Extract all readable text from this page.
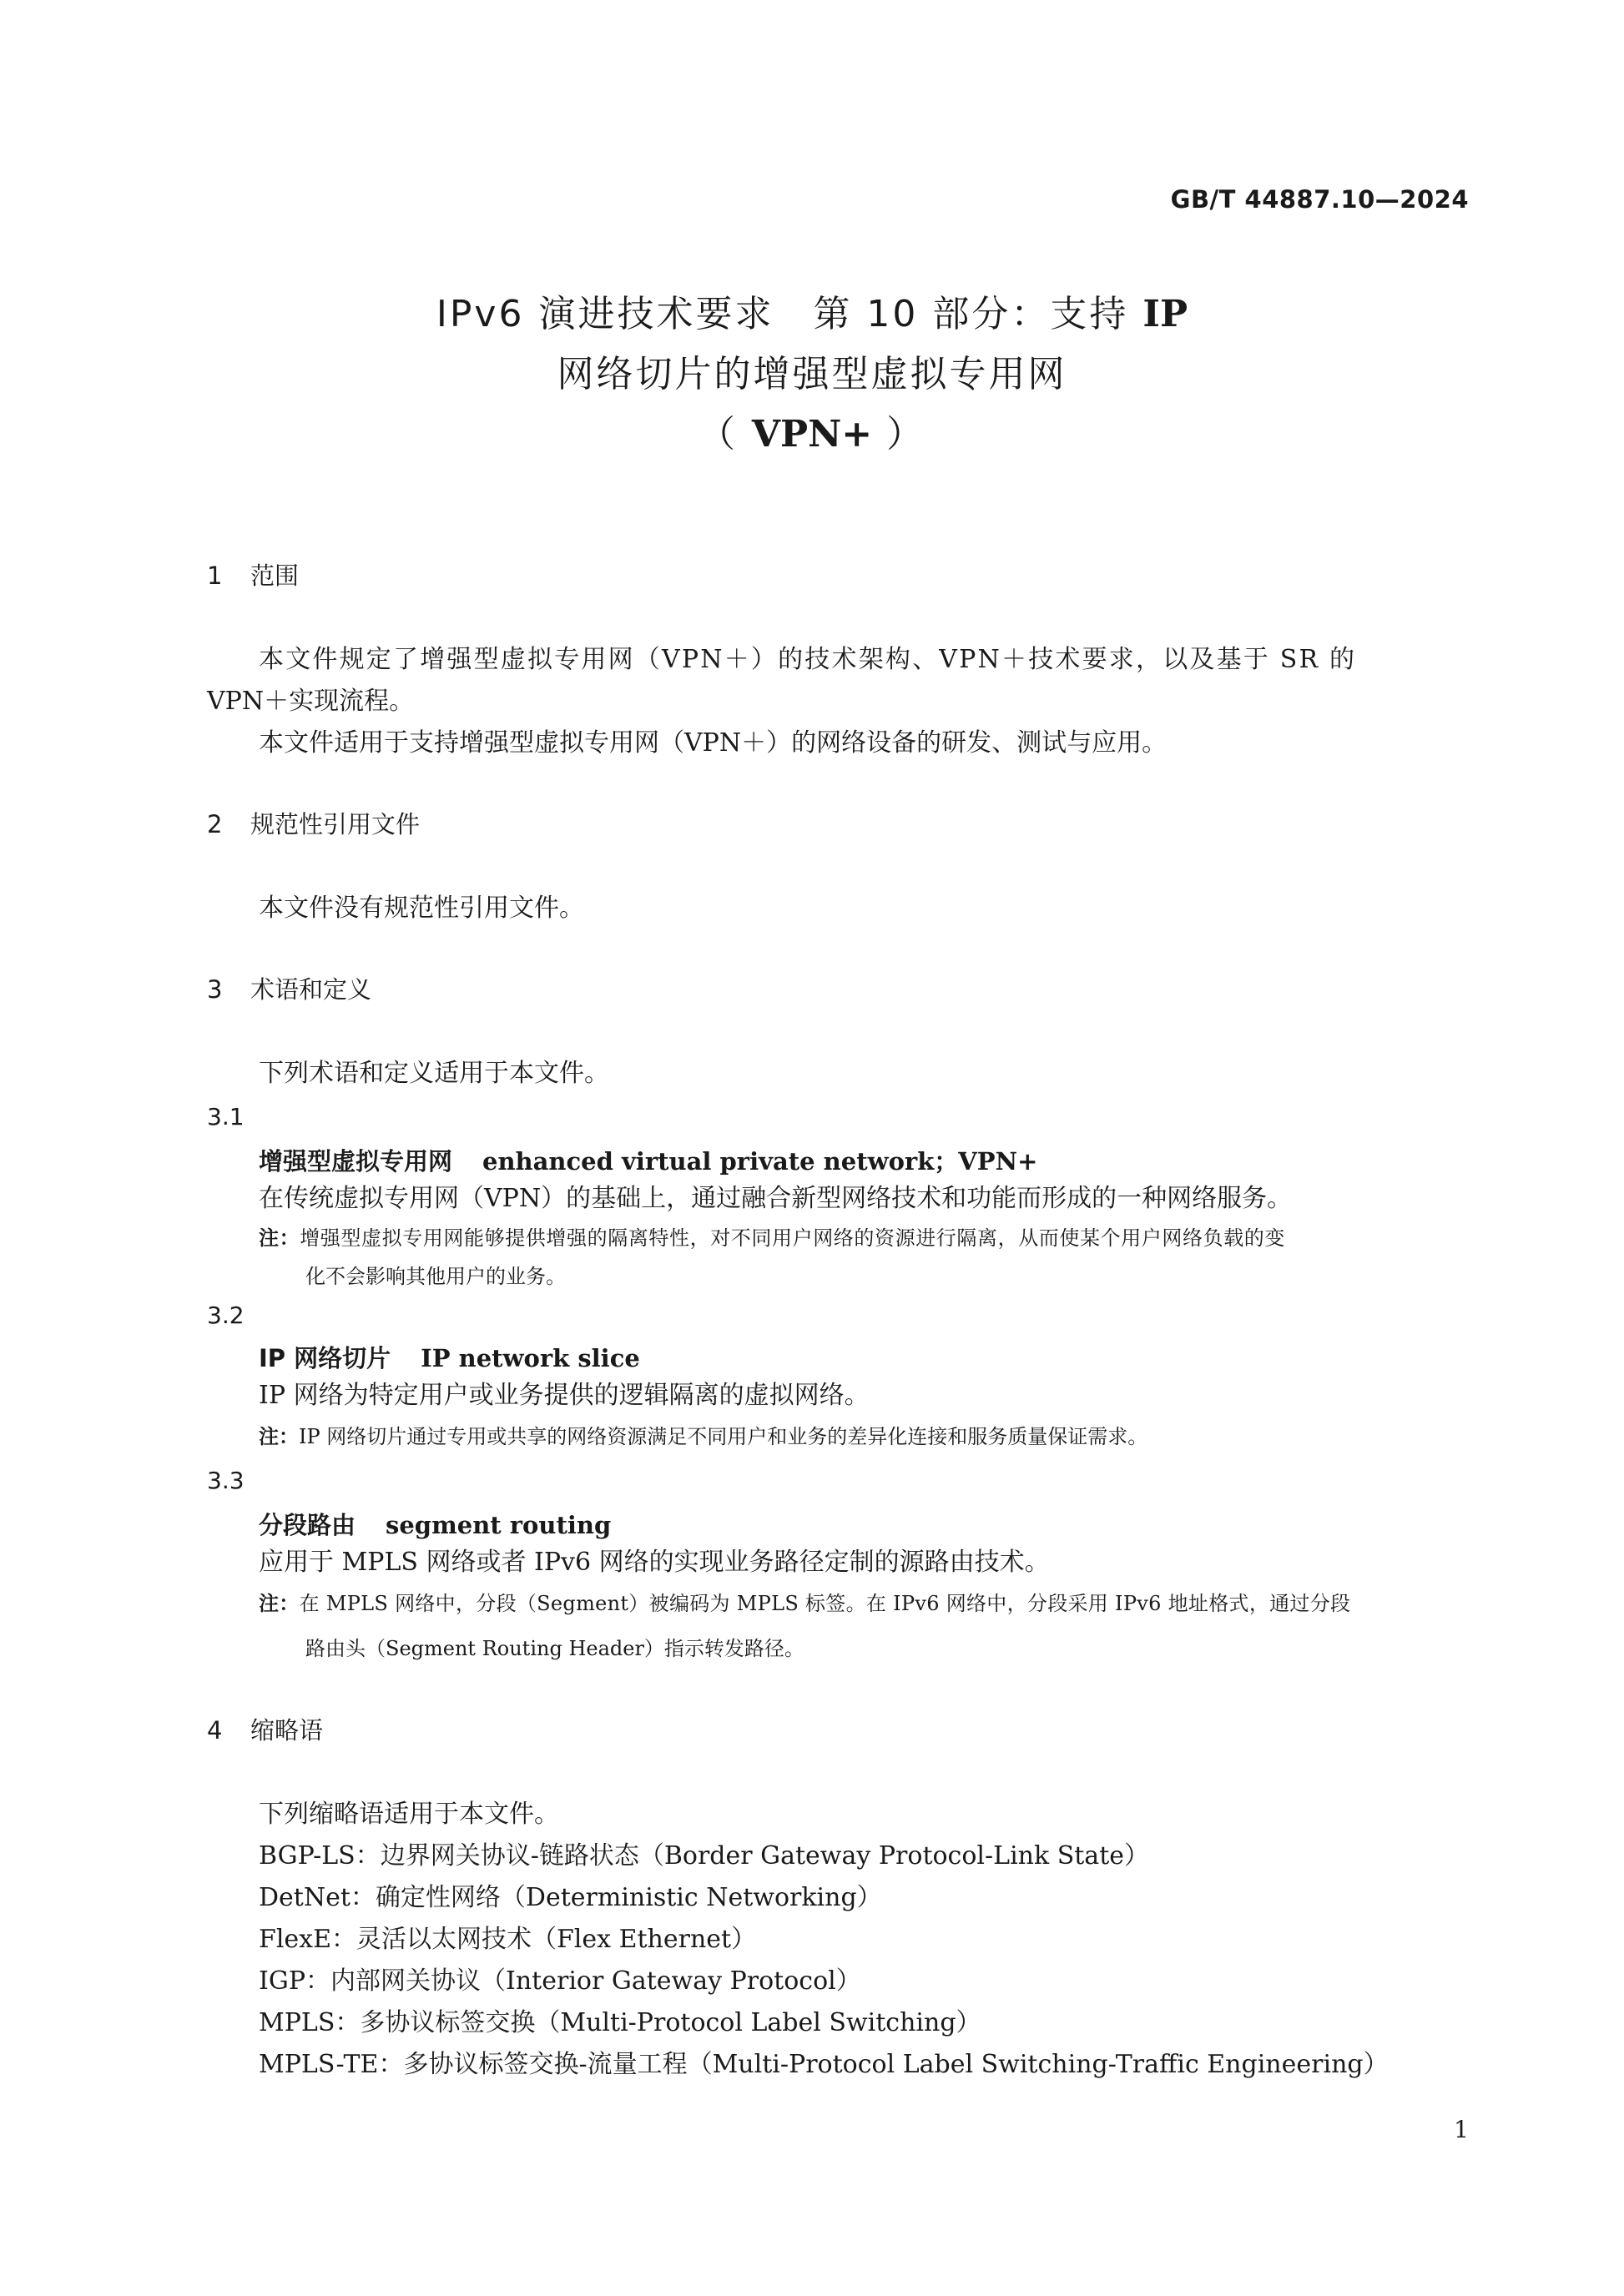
GB/T 44887.10—2024
IPv6 演进技术要求　第 10 部分：支持 IP
网络切片的增强型虚拟专用网
（ VPN+ ）
1 范围
本文件规定了增强型虚拟专用网（VPN＋）的技术架构、VPN＋技术要求，以及基于 SR 的
VPN＋实现流程。
本文件适用于支持增强型虚拟专用网（VPN＋）的网络设备的研发、测试与应用。
2 规范性引用文件
本文件没有规范性引用文件。
3 术语和定义
下列术语和定义适用于本文件。
3.1
增强型虚拟专用网 enhanced virtual private network；VPN+
在传统虚拟专用网（VPN）的基础上，通过融合新型网络技术和功能而形成的一种网络服务。
注：增强型虚拟专用网能够提供增强的隔离特性，对不同用户网络的资源进行隔离，从而使某个用户网络负载的变
化不会影响其他用户的业务。
3.2
IP 网络切片 IP network slice
IP 网络为特定用户或业务提供的逻辑隔离的虚拟网络。
注：IP 网络切片通过专用或共享的网络资源满足不同用户和业务的差异化连接和服务质量保证需求。
3.3
分段路由 segment routing
应用于 MPLS 网络或者 IPv6 网络的实现业务路径定制的源路由技术。
注：在 MPLS 网络中，分段（Segment）被编码为 MPLS 标签。在 IPv6 网络中，分段采用 IPv6 地址格式，通过分段
路由头（Segment Routing Header）指示转发路径。
4 缩略语
下列缩略语适用于本文件。
BGP-LS：边界网关协议-链路状态（Border Gateway Protocol-Link State）
DetNet：确定性网络（Deterministic Networking）
FlexE：灵活以太网技术（Flex Ethernet）
IGP：内部网关协议（Interior Gateway Protocol）
MPLS：多协议标签交换（Multi-Protocol Label Switching）
MPLS-TE：多协议标签交换-流量工程（Multi-Protocol Label Switching-Traffic Engineering）
1
